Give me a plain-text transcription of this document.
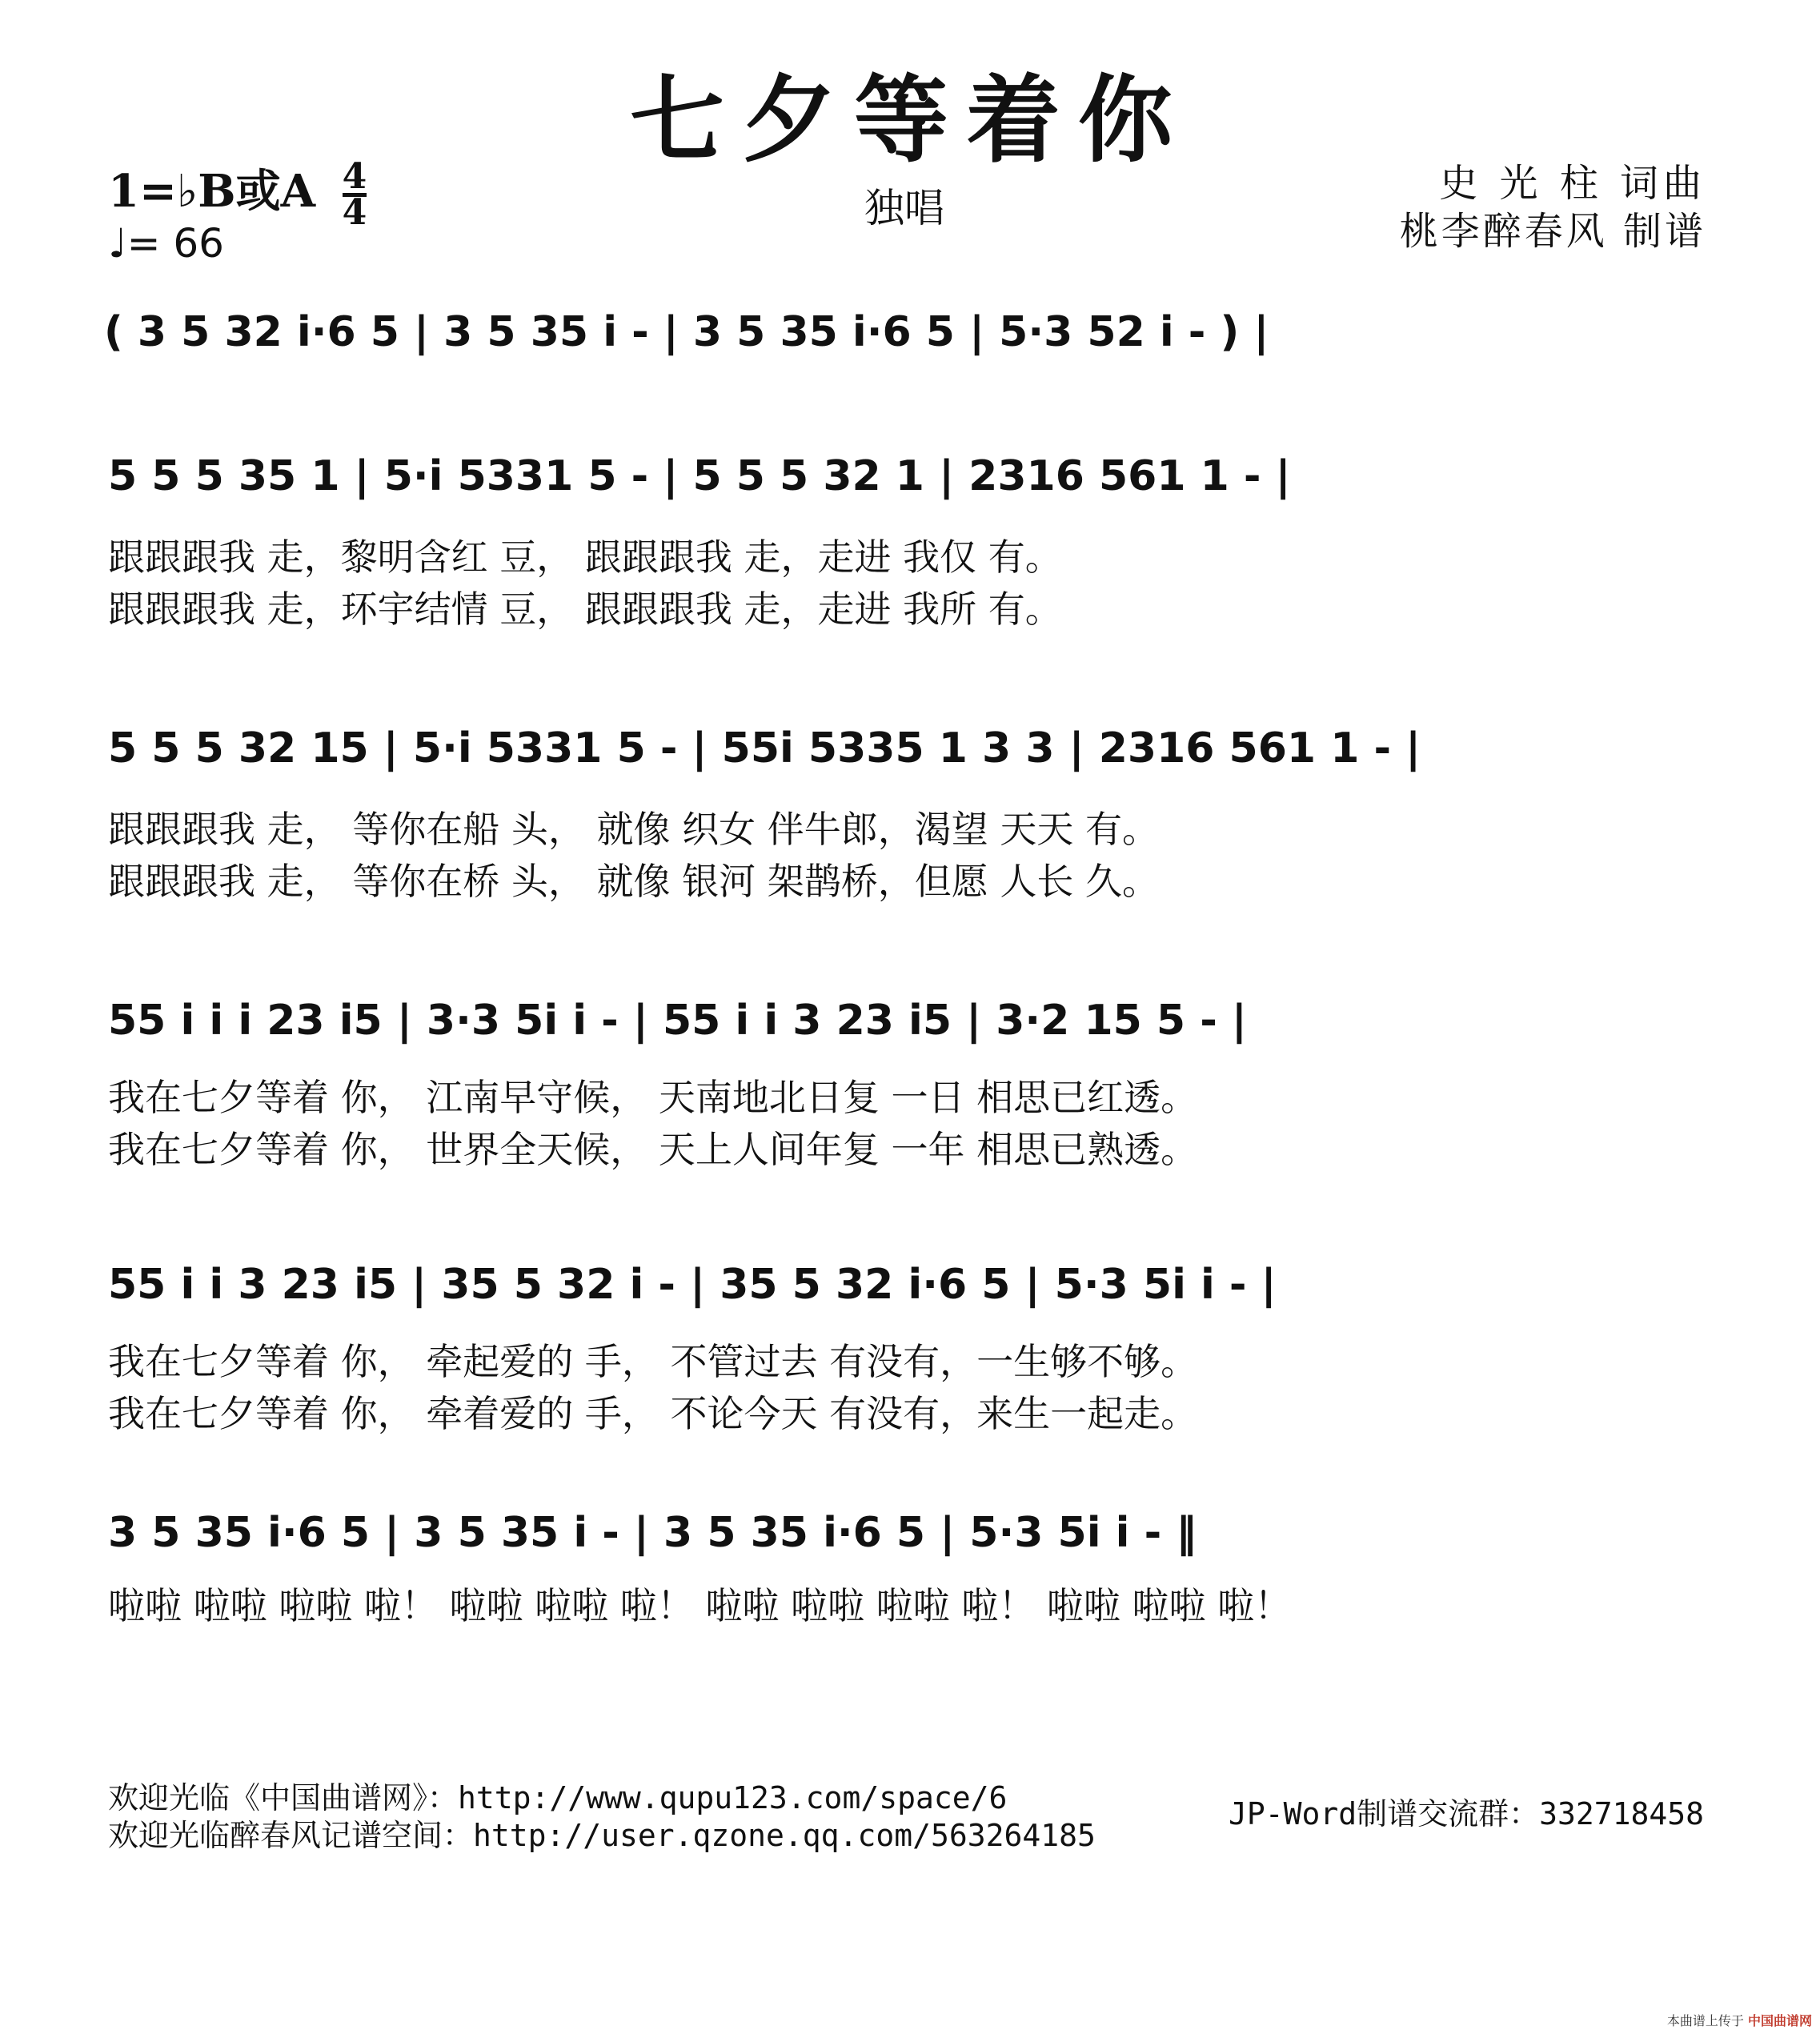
七夕等着你
1=♭B或A $\frac{4}{4}$
♩= 66
独唱
史 光 柱 词曲
桃李醉春风 制谱
( 3 5 32 i·6 5 | 3 5 35 i - | 3 5 35 i·6 5 | 5·3 52 i - ) |
5 5 5 35 1 | 5·i 5331 5 - | 5 5 5 32 1 | 2316 561 1 - |
跟跟跟我 走，黎明含红 豆， 跟跟跟我 走，走进 我仅 有。
跟跟跟我 走，环宇结情 豆， 跟跟跟我 走，走进 我所 有。
5 5 5 32 15 | 5·i 5331 5 - | 55i 5335 1 3 3 | 2316 561 1 - |
跟跟跟我 走， 等你在船 头， 就像 织女 伴牛郎，渴望 天天 有。
跟跟跟我 走， 等你在桥 头， 就像 银河 架鹊桥，但愿 人长 久。
55 i i i 23 i5 | 3·3 5i i - | 55 i i 3 23 i5 | 3·2 15 5 - |
我在七夕等着 你， 江南早守候， 天南地北日复 一日 相思已红透。
我在七夕等着 你， 世界全天候， 天上人间年复 一年 相思已熟透。
55 i i 3 23 i5 | 35 5 32 i - | 35 5 32 i·6 5 | 5·3 5i i - |
我在七夕等着 你， 牵起爱的 手， 不管过去 有没有，一生够不够。
我在七夕等着 你， 牵着爱的 手， 不论今天 有没有，来生一起走。
3 5 35 i·6 5 | 3 5 35 i - | 3 5 35 i·6 5 | 5·3 5i i - ‖
啦啦 啦啦 啦啦 啦！ 啦啦 啦啦 啦！ 啦啦 啦啦 啦啦 啦！ 啦啦 啦啦 啦！
欢迎光临《中国曲谱网》：http://www.qupu123.com/space/6
欢迎光临醉春风记谱空间：http://user.qzone.qq.com/563264185
JP-Word制谱交流群：332718458
本曲谱上传于 中国曲谱网
